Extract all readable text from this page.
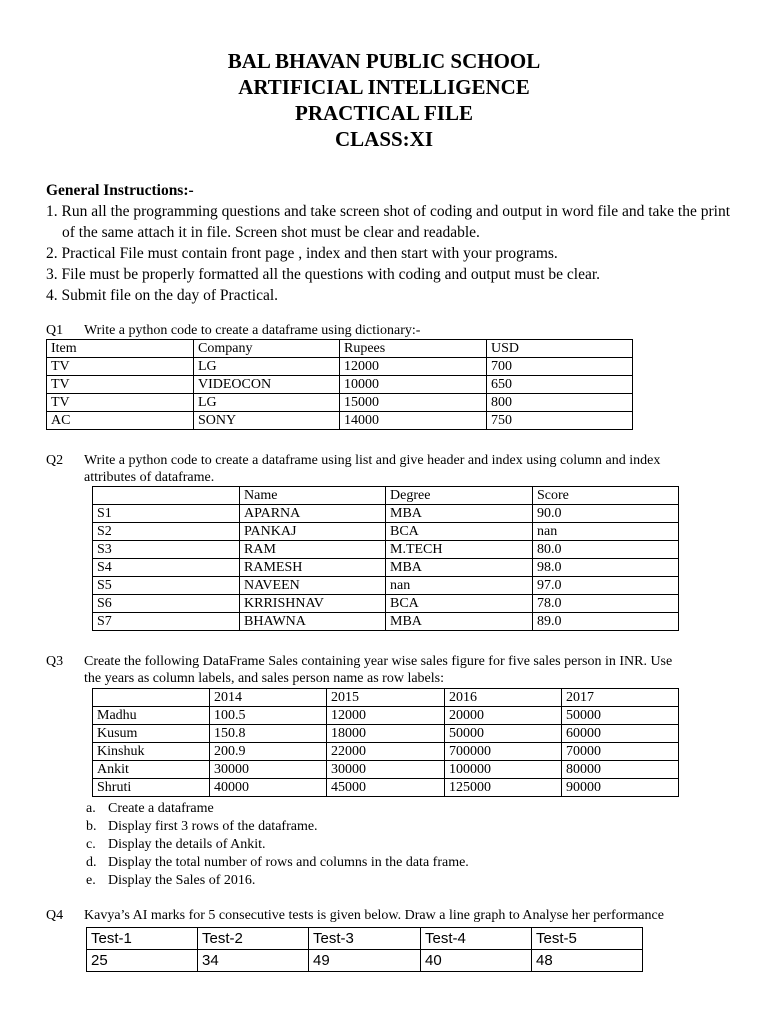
BAL BHAVAN PUBLIC SCHOOL
ARTIFICIAL INTELLIGENCE
PRACTICAL FILE
CLASS:XI
General Instructions:-
1. Run all the programming questions and take screen shot of coding and output in word file and take the print of the same attach it in file. Screen shot must be clear and readable.
2. Practical File must contain front page , index and then start with your programs.
3. File must be properly formatted all the questions with coding and output must be clear.
4. Submit file on the day of Practical.
Q1 Write a python code to create a dataframe using dictionary:-
Item	Company	Rupees	USD
TV	LG	12000	700
TV	VIDEOCON	10000	650
TV	LG	15000	800
AC	SONY	14000	750
Q2 Write a python code to create a dataframe using list and give header and index using column and index
attributes of dataframe.
	Name	Degree	Score
S1	APARNA	MBA	90.0
S2	PANKAJ	BCA	nan
S3	RAM	M.TECH	80.0
S4	RAMESH	MBA	98.0
S5	NAVEEN	nan	97.0
S6	KRRISHNAV	BCA	78.0
S7	BHAWNA	MBA	89.0
Q3 Create the following DataFrame Sales containing year wise sales figure for five sales person in INR. Use
the years as column labels, and sales person name as row labels:
	2014	2015	2016	2017
Madhu	100.5	12000	20000	50000
Kusum	150.8	18000	50000	60000
Kinshuk	200.9	22000	700000	70000
Ankit	30000	30000	100000	80000
Shruti	40000	45000	125000	90000
a. Create a dataframe
b. Display first 3 rows of the dataframe.
c. Display the details of Ankit.
d. Display the total number of rows and columns in the data frame.
e. Display the Sales of 2016.
Q4 Kavya’s AI marks for 5 consecutive tests is given below. Draw a line graph to Analyse her performance
Test-1	Test-2	Test-3	Test-4	Test-5
25	34	49	40	48
